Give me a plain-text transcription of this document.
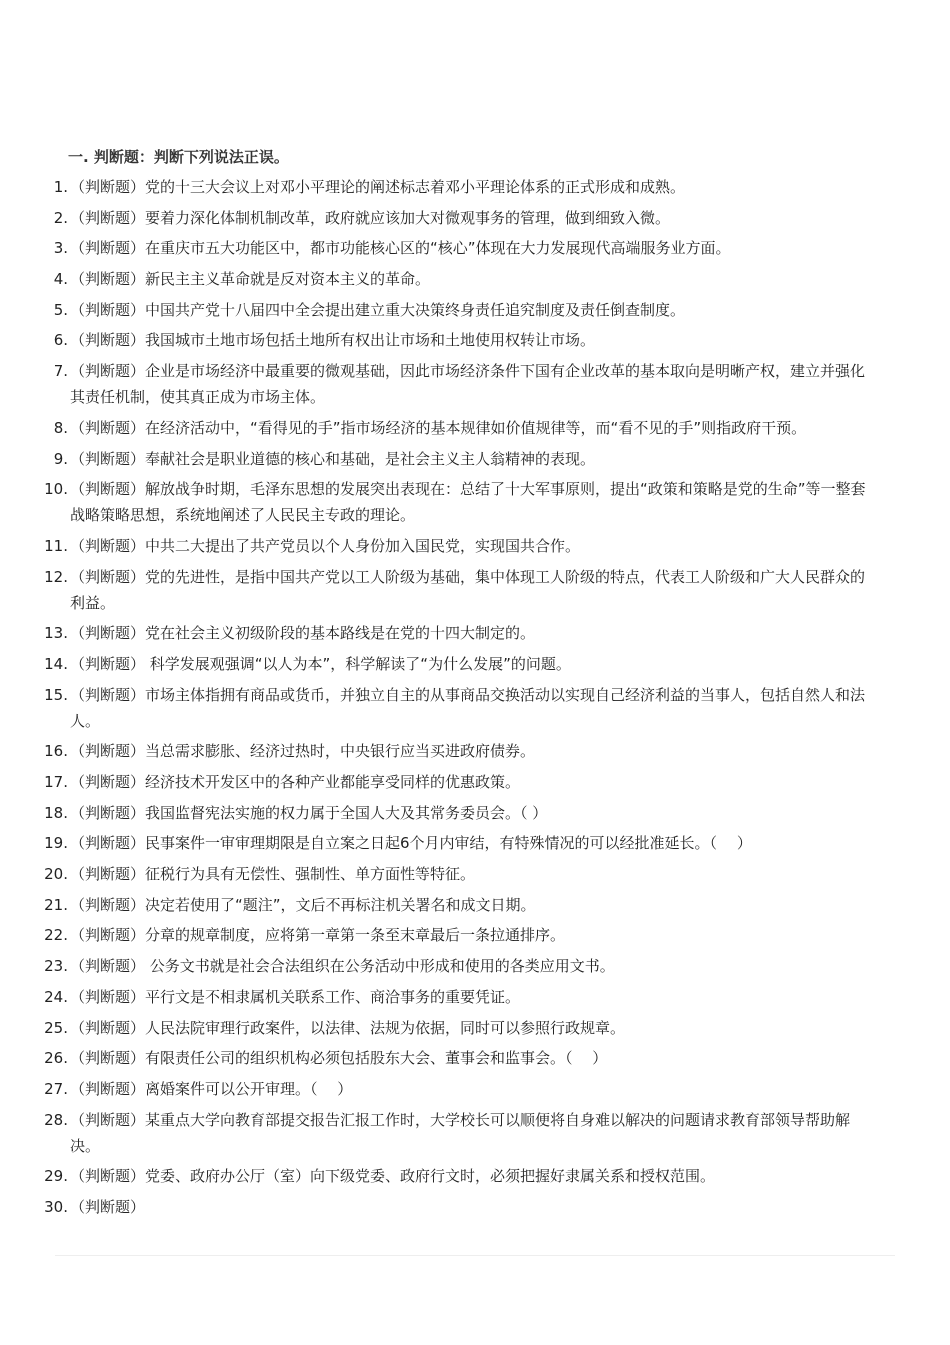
一. 判断题：判断下列说法正误。
1. （判断题）党的十三大会议上对邓小平理论的阐述标志着邓小平理论体系的正式形成和成熟。
2. （判断题）要着力深化体制机制改革，政府就应该加大对微观事务的管理，做到细致入微。
3. （判断题）在重庆市五大功能区中，都市功能核心区的“核心”体现在大力发展现代高端服务业方面。
4. （判断题）新民主主义革命就是反对资本主义的革命。
5. （判断题）中国共产党十八届四中全会提出建立重大决策终身责任追究制度及责任倒查制度。
6. （判断题）我国城市土地市场包括土地所有权出让市场和土地使用权转让市场。
7. （判断题）企业是市场经济中最重要的微观基础，因此市场经济条件下国有企业改革的基本取向是明晰产权，建立并强化其责任机制，使其真正成为市场主体。
8. （判断题）在经济活动中，“看得见的手”指市场经济的基本规律如价值规律等，而“看不见的手”则指政府干预。
9. （判断题）奉献社会是职业道德的核心和基础，是社会主义主人翁精神的表现。
10. （判断题）解放战争时期，毛泽东思想的发展突出表现在：总结了十大军事原则，提出“政策和策略是党的生命”等一整套战略策略思想，系统地阐述了人民民主专政的理论。
11. （判断题）中共二大提出了共产党员以个人身份加入国民党，实现国共合作。
12. （判断题）党的先进性，是指中国共产党以工人阶级为基础，集中体现工人阶级的特点，代表工人阶级和广大人民群众的利益。
13. （判断题）党在社会主义初级阶段的基本路线是在党的十四大制定的。
14. （判断题） 科学发展观强调“以人为本”，科学解读了“为什么发展”的问题。
15. （判断题）市场主体指拥有商品或货币，并独立自主的从事商品交换活动以实现自己经济利益的当事人，包括自然人和法人。
16. （判断题）当总需求膨胀、经济过热时，中央银行应当买进政府债券。
17. （判断题）经济技术开发区中的各种产业都能享受同样的优惠政策。
18. （判断题）我国监督宪法实施的权力属于全国人大及其常务委员会。（ ）
19. （判断题）民事案件一审审理期限是自立案之日起6个月内审结，有特殊情况的可以经批准延长。（　 ）
20. （判断题）征税行为具有无偿性、强制性、单方面性等特征。
21. （判断题）决定若使用了“题注”，文后不再标注机关署名和成文日期。
22. （判断题）分章的规章制度，应将第一章第一条至末章最后一条拉通排序。
23. （判断题） 公务文书就是社会合法组织在公务活动中形成和使用的各类应用文书。
24. （判断题）平行文是不相隶属机关联系工作、商洽事务的重要凭证。
25. （判断题）人民法院审理行政案件，以法律、法规为依据，同时可以参照行政规章。
26. （判断题）有限责任公司的组织机构必须包括股东大会、董事会和监事会。（　 ）
27. （判断题）离婚案件可以公开审理。（　 ）
28. （判断题）某重点大学向教育部提交报告汇报工作时，大学校长可以顺便将自身难以解决的问题请求教育部领导帮助解决。
29. （判断题）党委、政府办公厅（室）向下级党委、政府行文时，必须把握好隶属关系和授权范围。
30. （判断题）
